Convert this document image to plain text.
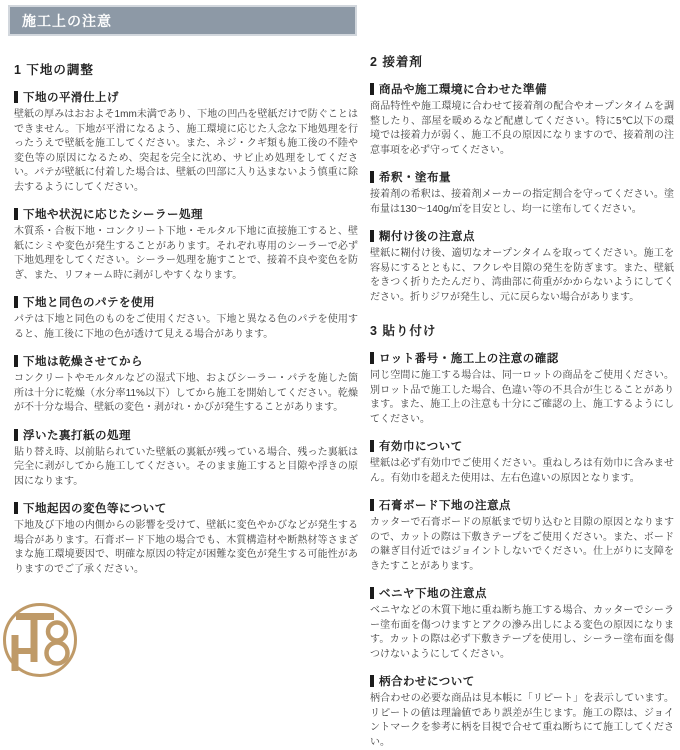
施工上の注意
1 下地の調整
下地の平滑仕上げ
壁紙の厚みはおおよそ1mm未満であり、下地の凹凸を壁紙だけで防ぐことはできません。下地が平滑になるよう、施工環境に応じた入念な下地処理を行ったうえで壁紙を施工してください。また、ネジ・クギ類も施工後の不陸や変色等の原因になるため、突起を完全に沈め、サビ止め処理をしてください。パテが壁紙に付着した場合は、壁紙の凹部に入り込まないよう慎重に除去するようにしてください。
下地や状況に応じたシーラー処理
木質系・合板下地・コンクリート下地・モルタル下地に直接施工すると、壁紙にシミや変色が発生することがあります。それぞれ専用のシーラーで必ず下地処理をしてください。シーラー処理を施すことで、接着不良や変色を防ぎ、また、リフォーム時に剥がしやすくなります。
下地と同色のパテを使用
パテは下地と同色のものをご使用ください。下地と異なる色のパテを使用すると、施工後に下地の色が透けて見える場合があります。
下地は乾燥させてから
コンクリートやモルタルなどの湿式下地、およびシーラー・パテを施した箇所は十分に乾燥（水分率11%以下）してから施工を開始してください。乾燥が不十分な場合、壁紙の変色・剥がれ・かびが発生することがあります。
浮いた裏打紙の処理
貼り替え時、以前貼られていた壁紙の裏紙が残っている場合、残った裏紙は完全に剥がしてから施工してください。そのまま施工すると目隙や浮きの原因になります。
下地起因の変色等について
下地及び下地の内側からの影響を受けて、壁紙に変色やかびなどが発生する場合があります。石膏ボード下地の場合でも、木質構造材や断熱材等さまざまな施工環境要因で、明確な原因の特定が困難な変色が発生する可能性がありますのでご了承ください。
2 接着剤
商品や施工環境に合わせた準備
商品特性や施工環境に合わせて接着剤の配合やオープンタイムを調整したり、部屋を暖めるなど配慮してください。特に5℃以下の環境では接着力が弱く、施工不良の原因になりますので、接着剤の注意事項を必ず守ってください。
希釈・塗布量
接着剤の希釈は、接着剤メーカーの指定割合を守ってください。塗布量は130〜140g/㎡を目安とし、均一に塗布してください。
糊付け後の注意点
壁紙に糊付け後、適切なオープンタイムを取ってください。施工を容易にするとともに、フクレや目隙の発生を防ぎます。また、壁紙をきつく折りたたんだり、湾曲部に荷重がかからないようにしてください。折りジワが発生し、元に戻らない場合があります。
3 貼り付け
ロット番号・施工上の注意の確認
同じ空間に施工する場合は、同一ロットの商品をご使用ください。別ロット品で施工した場合、色違い等の不具合が生じることがあります。また、施工上の注意も十分にご確認の上、施工するようにしてください。
有効巾について
壁紙は必ず有効巾でご使用ください。重ねしろは有効巾に含みません。有効巾を超えた使用は、左右色違いの原因となります。
石膏ボード下地の注意点
カッターで石膏ボードの原紙まで切り込むと目隙の原因となりますので、カットの際は下敷きテープをご使用ください。また、ボードの継ぎ目付近ではジョイントしないでください。仕上がりに支障をきたすことがあります。
ベニヤ下地の注意点
ベニヤなどの木質下地に重ね断ち施工する場合、カッターでシーラー塗布面を傷つけますとアクの滲み出しによる変色の原因になります。カットの際は必ず下敷きテープを使用し、シーラー塗布面を傷つけないようにしてください。
柄合わせについて
柄合わせの必要な商品は見本帳に「リピート」を表示しています。リピートの値は理論値であり誤差が生じます。施工の際は、ジョイントマークを参考に柄を目視で合せて重ね断ちにて施工してください。
